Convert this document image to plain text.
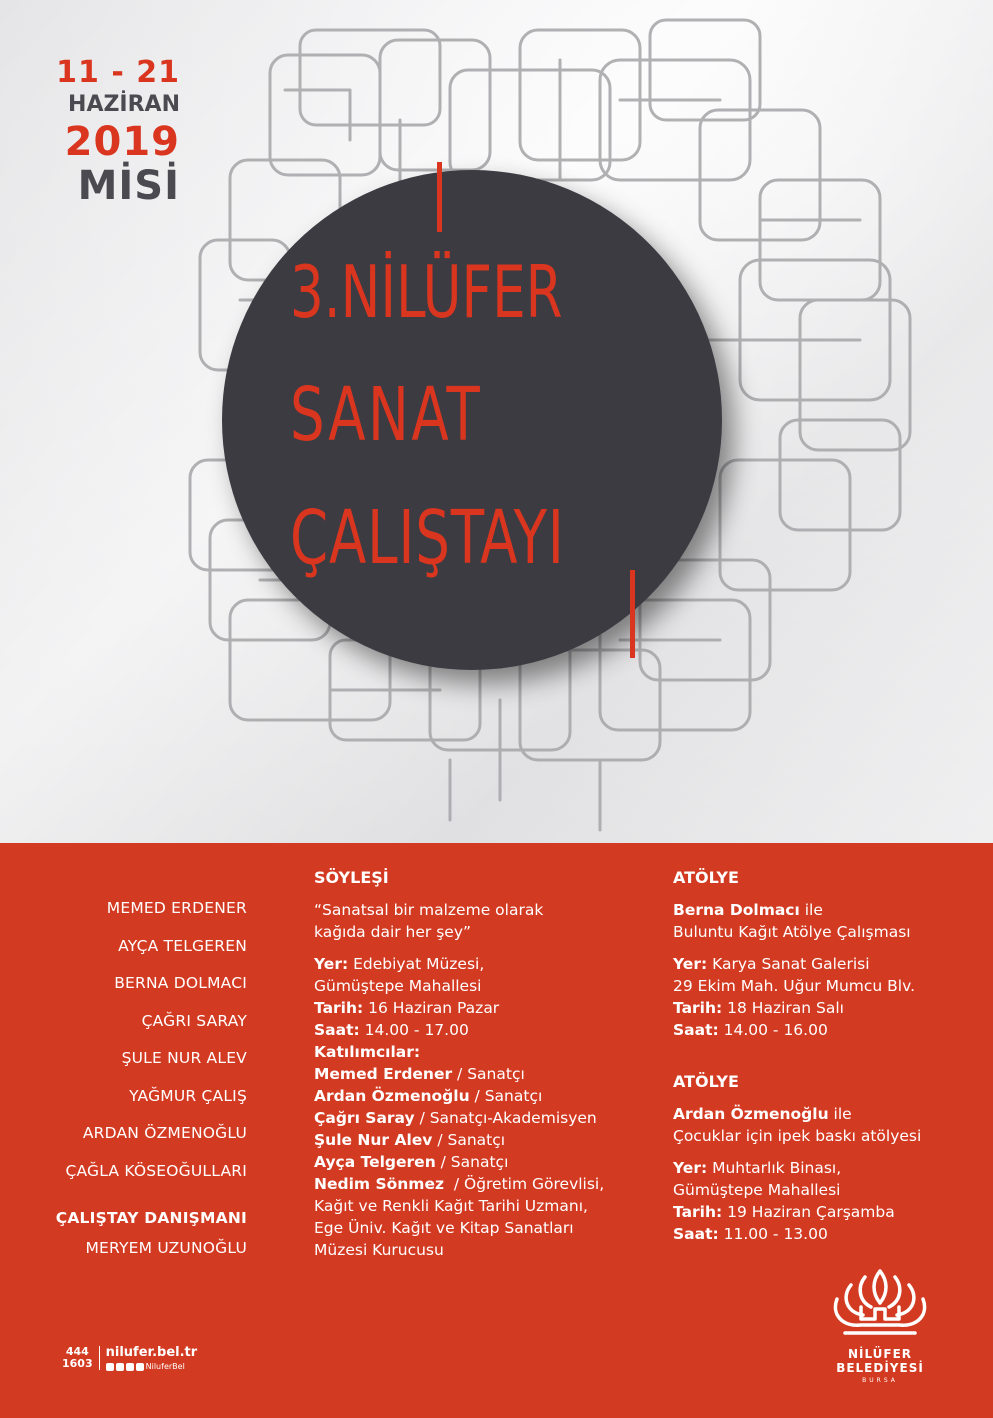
11 - 21
HAZİRAN
2019
MİSİ
3.NİLÜFER
SANAT
ÇALIŞTAYI
MEMED ERDENER
AYÇA TELGEREN
BERNA DOLMACI
ÇAĞRI SARAY
ŞULE NUR ALEV
YAĞMUR ÇALIŞ
ARDAN ÖZMENOĞLU
ÇAĞLA KÖSEOĞULLARI
ÇALIŞTAY DANIŞMANI
MERYEM UZUNOĞLU
SÖYLEŞİ
“Sanatsal bir malzeme olarak
kağıda dair her şey”
Yer: Edebiyat Müzesi,
Gümüştepe Mahallesi
Tarih: 16 Haziran Pazar
Saat: 14.00 - 17.00
Katılımcılar:
Memed Erdener / Sanatçı
Ardan Özmenoğlu / Sanatçı
Çağrı Saray / Sanatçı-Akademisyen
Şule Nur Alev / Sanatçı
Ayça Telgeren / Sanatçı
Nedim Sönmez  / Öğretim Görevlisi,
Kağıt ve Renkli Kağıt Tarihi Uzmanı,
Ege Üniv. Kağıt ve Kitap Sanatları
Müzesi Kurucusu
ATÖLYE
Berna Dolmacı ile
Buluntu Kağıt Atölye Çalışması
Yer: Karya Sanat Galerisi
29 Ekim Mah. Uğur Mumcu Blv.
Tarih: 18 Haziran Salı
Saat: 14.00 - 16.00
ATÖLYE
Ardan Özmenoğlu ile
Çocuklar için ipek baskı atölyesi
Yer: Muhtarlık Binası,
Gümüştepe Mahallesi
Tarih: 19 Haziran Çarşamba
Saat: 11.00 - 13.00
444
1603
nilufer.bel.tr
NiluferBel
NİLÜFER
BELEDİYESİ
BURSA
